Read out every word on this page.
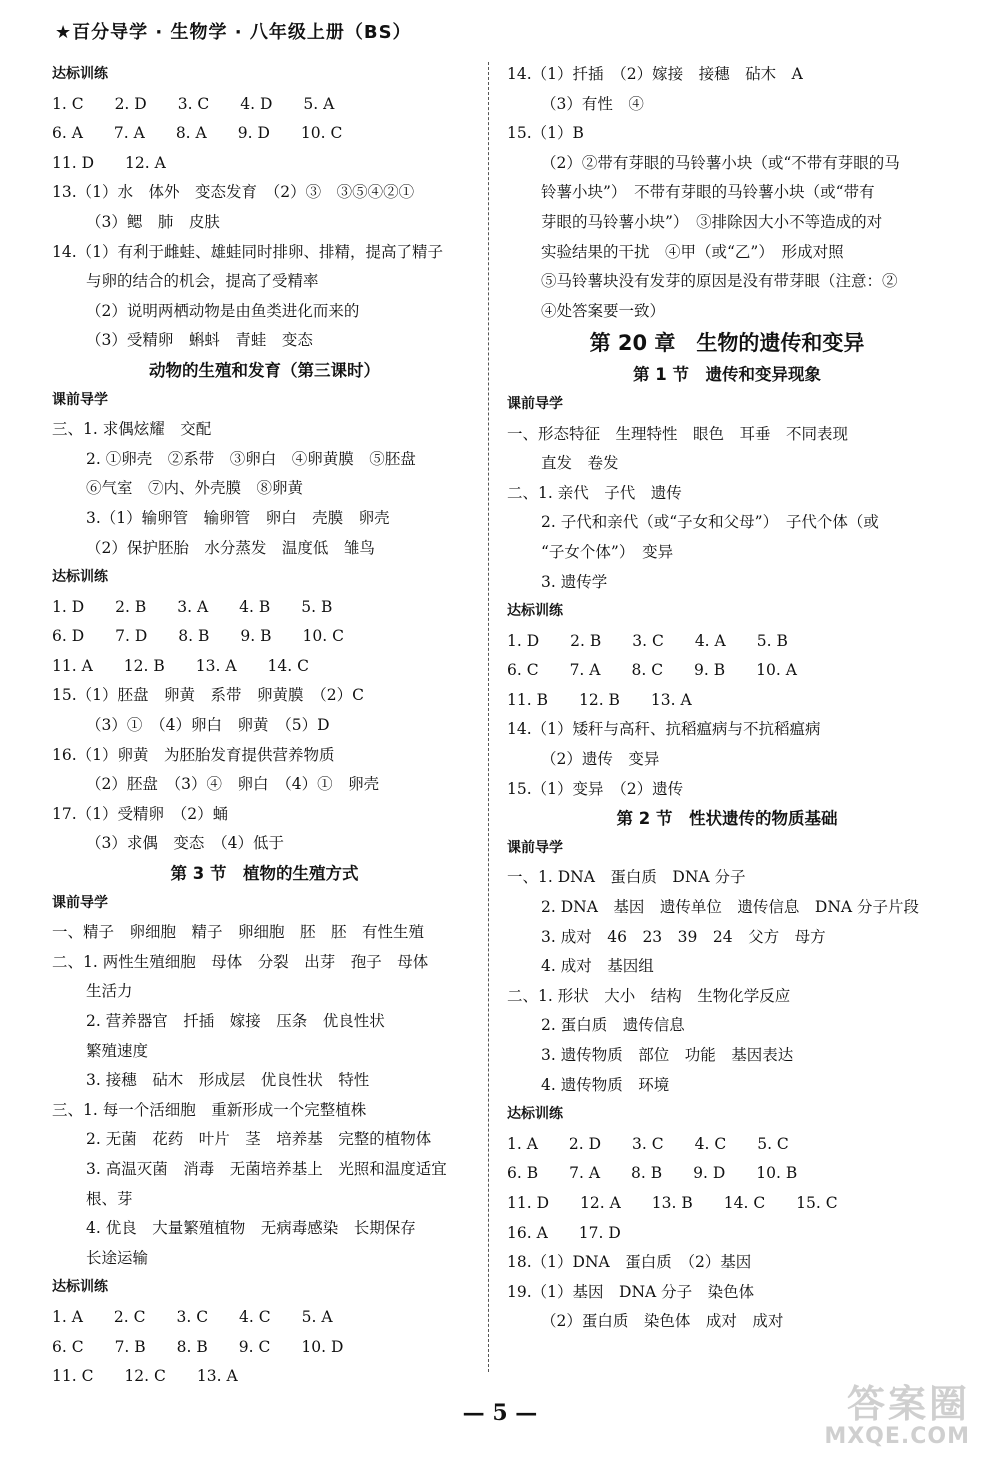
★百分导学 · 生物学 · 八年级上册（BS）
达标训练
1. C　　2. D　　3. C　　4. D　　5. A
6. A　　7. A　　8. A　　9. D　　10. C
11. D　　12. A
13.（1）水　体外　变态发育　（2）③　③⑤④②①
（3）鳃　肺　皮肤
14.（1）有利于雌蛙、雄蛙同时排卵、排精，提高了精子
与卵的结合的机会，提高了受精率
（2）说明两栖动物是由鱼类进化而来的
（3）受精卵　蝌蚪　青蛙　变态
动物的生殖和发育（第三课时）
课前导学
三、1. 求偶炫耀　交配
2. ①卵壳　②系带　③卵白　④卵黄膜　⑤胚盘
⑥气室　⑦内、外壳膜　⑧卵黄
3.（1）输卵管　输卵管　卵白　壳膜　卵壳
（2）保护胚胎　水分蒸发　温度低　雏鸟
达标训练
1. D　　2. B　　3. A　　4. B　　5. B
6. D　　7. D　　8. B　　9. B　　10. C
11. A　　12. B　　13. A　　14. C
15.（1）胚盘　卵黄　系带　卵黄膜　（2）C
（3）①　（4）卵白　卵黄　（5）D
16.（1）卵黄　为胚胎发育提供营养物质
（2）胚盘　（3）④　卵白　（4）①　卵壳
17.（1）受精卵　（2）蛹
（3）求偶　变态　（4）低于
第 3 节　植物的生殖方式
课前导学
一、精子　卵细胞　精子　卵细胞　胚　胚　有性生殖
二、1. 两性生殖细胞　母体　分裂　出芽　孢子　母体
生活力
2. 营养器官　扦插　嫁接　压条　优良性状
繁殖速度
3. 接穗　砧木　形成层　优良性状　特性
三、1. 每一个活细胞　重新形成一个完整植株
2. 无菌　花药　叶片　茎　培养基　完整的植物体
3. 高温灭菌　消毒　无菌培养基上　光照和温度适宜
根、芽
4. 优良　大量繁殖植物　无病毒感染　长期保存
长途运输
达标训练
1. A　　2. C　　3. C　　4. C　　5. A
6. C　　7. B　　8. B　　9. C　　10. D
11. C　　12. C　　13. A
14.（1）扦插　（2）嫁接　接穗　砧木　A
（3）有性　④
15.（1）B
（2）②带有芽眼的马铃薯小块（或“不带有芽眼的马
铃薯小块”）　不带有芽眼的马铃薯小块（或“带有
芽眼的马铃薯小块”）　③排除因大小不等造成的对
实验结果的干扰　④甲（或“乙”）　形成对照
⑤马铃薯块没有发芽的原因是没有带芽眼（注意：②
④处答案要一致）
第 20 章　生物的遗传和变异
第 1 节　遗传和变异现象
课前导学
一、形态特征　生理特性　眼色　耳垂　不同表现
直发　卷发
二、1. 亲代　子代　遗传
2. 子代和亲代（或“子女和父母”）　子代个体（或
“子女个体”）　变异
3. 遗传学
达标训练
1. D　　2. B　　3. C　　4. A　　5. B
6. C　　7. A　　8. C　　9. B　　10. A
11. B　　12. B　　13. A
14.（1）矮秆与高秆、抗稻瘟病与不抗稻瘟病
（2）遗传　变异
15.（1）变异　（2）遗传
第 2 节　性状遗传的物质基础
课前导学
一、1. DNA　蛋白质　DNA 分子
2. DNA　基因　遗传单位　遗传信息　DNA 分子片段
3. 成对　46　23　39　24　父方　母方
4. 成对　基因组
二、1. 形状　大小　结构　生物化学反应
2. 蛋白质　遗传信息
3. 遗传物质　部位　功能　基因表达
4. 遗传物质　环境
达标训练
1. A　　2. D　　3. C　　4. C　　5. C
6. B　　7. A　　8. B　　9. D　　10. B
11. D　　12. A　　13. B　　14. C　　15. C
16. A　　17. D
18.（1）DNA　蛋白质　（2）基因
19.（1）基因　DNA 分子　染色体
（2）蛋白质　染色体　成对　成对
— 5 —	答案圈
MXQE.COM
